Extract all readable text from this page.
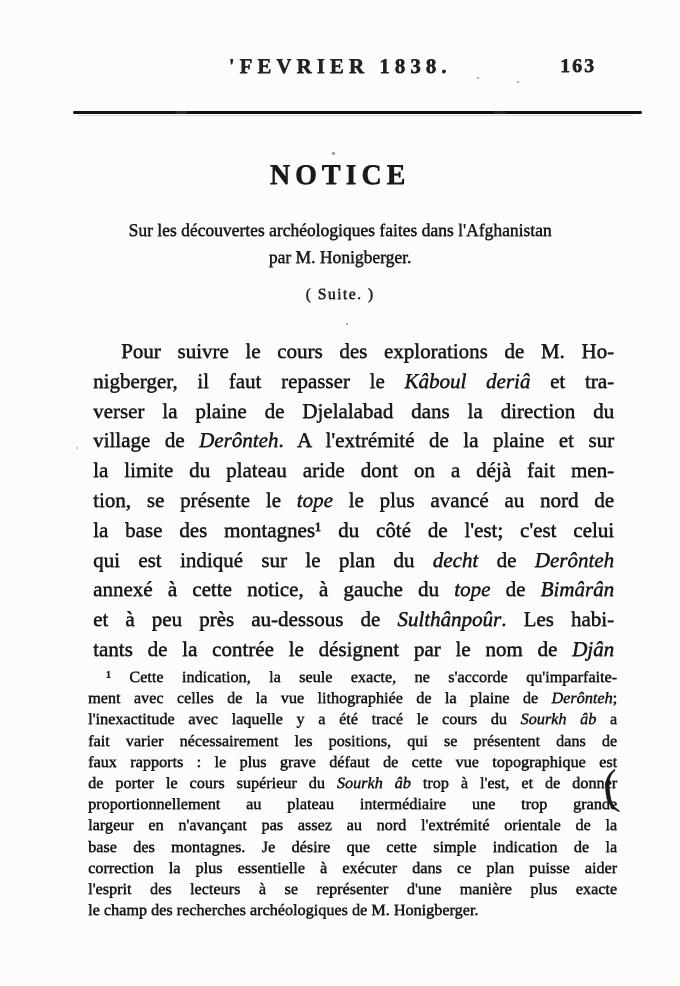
'FEVRIER 1838.	163
NOTICE
Sur les découvertes archéologiques faites dans l'Afghanistan
par M. Honigberger.
( Suite. )
Pour suivre le cours des explorations de M. Ho-
nigberger, il faut repasser le Kâboul deriâ et tra-
verser la plaine de Djelalabad dans la direction du
village de Derônteh. A l'extrémité de la plaine et sur
la limite du plateau aride dont on a déjà fait men-
tion, se présente le tope le plus avancé au nord de
la base des montagnes¹ du côté de l'est; c'est celui
qui est indiqué sur le plan du decht de Derônteh
annexé à cette notice, à gauche du tope de Bimârân
et à peu près au-dessous de Sulthânpoûr. Les habi-
tants de la contrée le désignent par le nom de Djân
¹ Cette indication, la seule exacte, ne s'accorde qu'imparfaite-
ment avec celles de la vue lithographiée de la plaine de Derônteh;
l'inexactitude avec laquelle y a été tracé le cours du Sourkh âb a
fait varier nécessairement les positions, qui se présentent dans de
faux rapports : le plus grave défaut de cette vue topographique est
de porter le cours supérieur du Sourkh âb trop à l'est, et de donner
proportionnellement au plateau intermédiaire une trop grande
largeur en n'avançant pas assez au nord l'extrémité orientale de la
base des montagnes. Je désire que cette simple indication de la
correction la plus essentielle à exécuter dans ce plan puisse aider
l'esprit des lecteurs à se représenter d'une manière plus exacte
le champ des recherches archéologiques de M. Honigberger.
(
